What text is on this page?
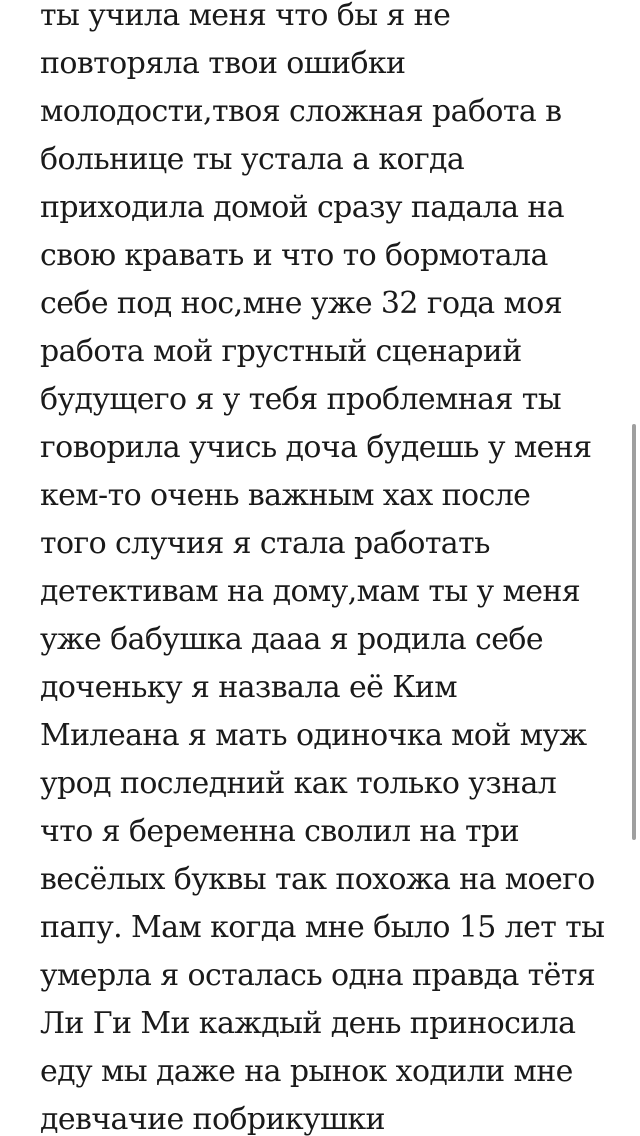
ты учила меня что бы я не
повторяла твои ошибки
молодости,твоя сложная работа в
больнице ты устала а когда
приходила домой сразу падала на
свою кравать и что то бормотала
себе под нос,мне уже 32 года моя
работа мой грустный сценарий
будущего я у тебя проблемная ты
говорила учись доча будешь у меня
кем-то очень важным хах после
того случия я стала работать
детективам на дому,мам ты у меня
уже бабушка дааа я родила себе
доченьку я назвала её Ким
Милеана я мать одиночка мой муж
урод последний как только узнал
что я беременна сволил на три
весёлых буквы так похожа на моего
папу. Мам когда мне было 15 лет ты
умерла я осталась одна правда тётя
Ли Ги Ми каждый день приносила
еду мы даже на рынок ходили мне
девчачие побрикушки
